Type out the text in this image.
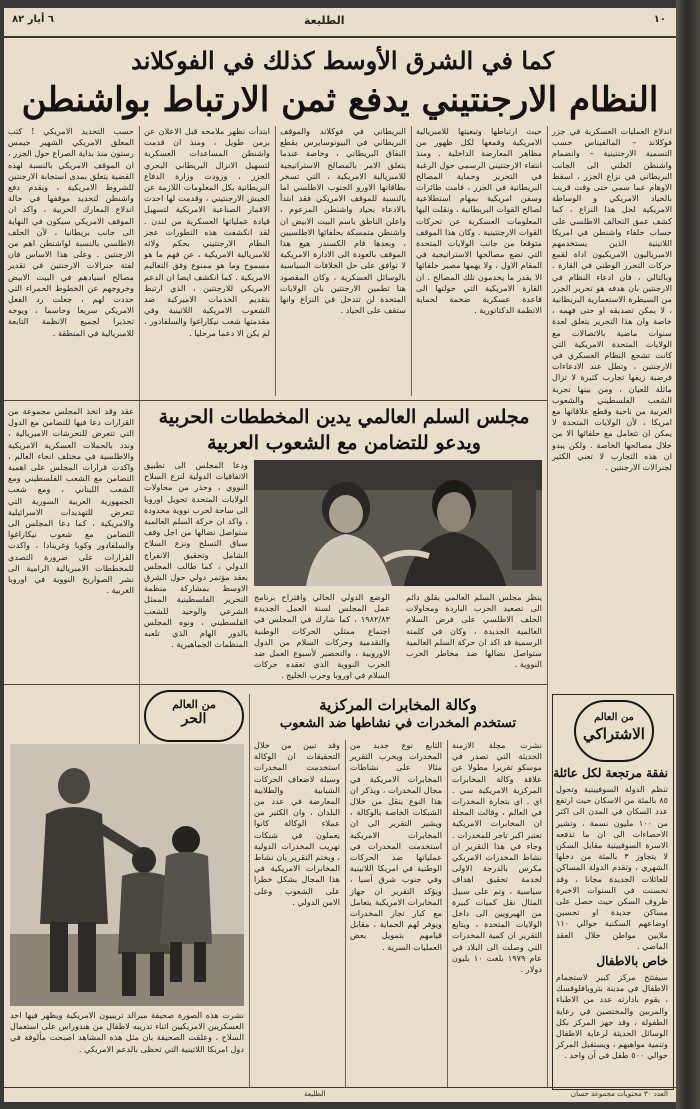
٦ أيار ٨٢	الطليعة	١٠
كما في الشرق الأوسط كذلك في الفوكلاند
النظام الارجنتيني يدفع ثمن الارتباط بواشنطن
اندلاع العمليات العسكرية في جزر فوكلاند – المالفيناس حسب التسمية الارجنتينية – وانضمام واشنطن العلني الى الجانب البريطاني في نزاع الجزر ، اسقط الاوهام عما سمي حتى وقت قريب بالحياد الامريكي و الوساطة الامريكية لحل هذا النزاع ، كما كشف عمق التحالف الاطلسي على حساب حلفاء واشنطن في امريكا اللاتينية الذين يستخدمهم الامبرياليون الامريكيون اداة لقمع حركات التحرر الوطني في القارة . وبالتالي ، فان ادعاء النظام في الارجنتين بان هدفه هو تحرير الجزر من السيطرة الاستعمارية البريطانية ، لا يمكن تصديقه او حتى فهمه ، خاصة وان هذا التحرير يتعلق لعدة سنوات ماضية بالاتصالات مع الولايات المتحدة الامريكية التي كانت تشجع النظام العسكري في الارجنتين ، وتطل عند الادعاءات فرضية زيفها تجارب كثيرة لا تزال ماثلة للعيان ، ومن بينها تجربة الشعب الفلسطيني والشعوب العربية من ناحية وقطع علاقاتها مع امريكا ، لأن الولايات المتحدة لا يمكن ان تتعامل مع حلفائها الا من خلال مصالحها الخاصة . ولكن يبدو ان هذه التجارب لا تعني الكثير لجنرالات الارجنتين .
حيث ارتباطها وتبعيتها للامبريالية الامريكية وقمعها لكل ظهور من مظاهر المعارضة الداخلية . ومنذ انتفاء الارجنتيني الرسمي حول الرغبة في التحرير وحماية المصالح البريطانية في الجزر ، قامت طائرات وسفن امريكية بمهام استطلاعية لصالح القوات البريطانية ، ونقلت اليها المعلومات العسكرية عن تحركات القوات الارجنتينية . وكان هذا الموقف متوقعا من جانب الولايات المتحدة التي تضع مصالحها الاستراتيجية في المقام الاول ، ولا يهمها مصير حلفائها الا بقدر ما يخدمون تلك المصالح . ان القارة الامريكية التي حولتها الى قاعدة عسكرية ضخمة لحماية الانظمة الدكتاتورية .
البريطاني في فوكلاند والموقف البريطاني في البيونوسايرس يقطع النفاق البريطاني ، وخاصة عندما يتعلق الامر بالمصالح الاستراتيجية للامبريالية الامريكية ، التي تسخر بطاقاتها الاورو الجنوب الاطلسي اما بالنسبة للموقف الامريكي فقد ابتدأ بالادعاء بحياد واشنطن المزعوم ، واعلن الناطق باسم البيت الابيض ان واشنطن متمسكة بحلفائها الاطلسيين ، وبعدها قام الكسندر هيغ هذا الموقف بالعودة الى الادارة الامريكية لا توافق على حل الخلافات السياسية بالوسائل العسكرية ، وكان المقصود هنا تطمين الارجنتين بان الولايات المتحدة لن تتدخل في النزاع وانها ستقف على الحياد .
ابتدأت تظهر ملامحه قبل الاعلان عن بزمن طويل ، ومنذ ان قدمت واشنطن المساعدات العسكرية لتسهيل الانزال البريطاني البحري الجزر ، وزودت وزارة الدفاع البريطانية بكل المعلومات اللازمة عن الجيش الارجنتيني ، وقدمت لها احدث الاقمار الصناعية الامريكية لتسهيل قيادة عملياتها العسكرية من لندن . لقد انكشفت هذه التطورات عجز النظام الارجنتيني بحكم ولائه للامبريالية الامريكية ، عن فهم ما هو مسموح وما هو ممنوع وفق التعاليم الامريكية . كما انكشف ايضا ان الدعم الامريكي للارجنتين ، الذي ارتبط بتقديم الخدمات الاميركية ضد الشعوب الامريكية اللاتينية وفي مقدمتها شعب نيكاراغوا والسلفادور ، لم يكن الا دعما مرحليا .
حسب التحديد الامريكي ! كتب المعلق الامريكي الشهير جيمس رستون منذ بداية الصراع حول الجزر ، ان الموقف الامريكي بالنسبة لهذه القضية يتعلق بمدى استجابة الارجنتين للشروط الامريكية ، ويقدم دفع واشنطن لتحديد موقفها في حالة اندلاع المعارك الحربية ، واكد ان الموقف الامريكي سيكون في النهاية الى جانب بريطانيا ، لأن الحلف الاطلسي بالنسبة لواشنطن اهم من الارجنتين . وعلى هذا الاساس فان لفتة جنرالات الارجنتين في تقدير مصالح اسيادهم في البيت الابيض وخروجهم عن الخطوط الحمراء التي حددت لهم ، جعلت رد الفعل الامريكي سريعا وحاسما ، ويوجه تحذيرا لجميع الانظمة التابعة للامبريالية في المنطقة .
مجلس السلم العالمي يدين المخططات الحربية
ويدعو للتضامن مع الشعوب العربية
عقد وقد اتخذ المجلس مجموعة من القرارات دعا فيها للتضامن مع الدول التي تتعرض للتحرشات الامبريالية ، وندد بالحملات العسكرية الامريكية والاطلسية في مختلف انحاء العالم ، واكدت قرارات المجلس على اهمية التضامن مع الشعب الفلسطيني ومع الشعب اللبناني ، ومع شعب الجمهورية العربية السورية التي تتعرض للتهديدات الاسرائيلية والامريكية ، كما دعا المجلس الى التضامن مع شعوب نيكاراغوا والسلفادور وكوبا وغرينادا ، واكدت القرارات على ضرورة التصدي للمخططات الامبريالية الرامية الى نشر الصواريخ النووية في اوروبا الغربية .
ودعا المجلس الى تطبيق الاتفاقيات الدولية لنزع السلاح النووي ، وحذر من محاولات الولايات المتحدة تحويل اوروبا الى ساحة لحرب نووية محدودة ، واكد ان حركة السلم العالمية ستواصل نضالها من اجل وقف سباق التسلح ونزع السلاح الشامل وتحقيق الانفراج الدولي ، كما طالب المجلس بعقد مؤتمر دولي حول الشرق الاوسط بمشاركة منظمة التحرير الفلسطينية الممثل الشرعي والوحيد للشعب الفلسطيني ، ونوه المجلس بالدور الهام الذي تلعبه المنظمات الجماهيرية .
الوضع الدولي الحالي واقتراح برنامج عمل المجلس لسنة العمل الجديدة ١٩٨٢/٨٣ ، كما شارك في المجلس في اجتماع ممثلي الحركات الوطنية والتقدمية وحركات السلام من الدول الاوروبية ، والتحضير لأسبوع العمل ضد الحرب النووية الذي تعقده حركات السلام في اوروبا وحرب الخليج .
ينظر مجلس السلم العالمي بقلق دائم الى تصعيد الحرب الباردة ومحاولات الحلف الاطلسي على فرض السلام العالمية الجديدة ، وكان في كلمته الرسمية قد اكد ان حركة السلم العالمية ستواصل نضالها ضد مخاطر الحرب النووية .
من العالم
الاشتراكي
نفقة مرتجعة لكل عائلة
تنظم الدولة السوفييتية وتحول ٨٥ بالمئة من الاسكان حيث ارتفع عدد السكان في المدن الى اكثر من ١٠٠ مليون نسمة ، وتشير الاحصاءات الى ان ما تدفعه الاسرة السوفييتية مقابل السكن لا يتجاوز ٣ بالمئة من دخلها الشهري ، وتقدم الدولة المساكن للعائلات الجديدة مجانا ، وقد تحسنت في السنوات الاخيرة ظروف السكن حيث حصل على مساكن جديدة او تحسين اوضاعهم السكنية حوالي ١١٠ ملايين مواطن خلال العقد الماضي .
خاص بالاطفال
سيفتتح مركز كبير لاستجمام الاطفال في مدينة بتروبافلوفسك ، يقوم بادارته عدد من الاطباء والمربين والمختصين في رعاية الطفولة ، وقد جهز المركز بكل الوسائل الحديثة لرعاية الاطفال وتنمية مواهبهم ، ويستقبل المركز حوالي ٥٠٠ طفل في آن واحد .
وكالة المخابرات المركزية
تستخدم المخدرات في نشاطها ضد الشعوب
نشرت مجلة الازمنة الحديثة التي تصدر في موسكو تقريرا مطولا عن علاقة وكالة المخابرات المركزية الامريكية سي . اي . اي بتجارة المخدرات في العالم ، وقالت المجلة ان المخابرات الامريكية تعتبر اكبر تاجر للمخدرات . وجاء في هذا التقرير ان نشاط المخدرات الامريكي مكرس بالدرجة الاولى لخدمة تحقيق اهداف سياسية ، وتم على سبيل المثال نقل كميات كبيرة من الهيرويين الى داخل الولايات المتحدة ، ويتابع التقرير ان كمية المخدرات التي وصلت الى البلاد في عام ١٩٧٩ بلغت ١٠ بليون دولار .
التابع نوع جديد من المخدرات ويحرب التقرير مثالا على نشاطات المخابرات الامريكية في مجال المخدرات ، ويذكر ان هذا النوع ينقل من خلال الشبكات الخاصة بالوكالة ، ويشير التقرير الى ان المخابرات الامريكية استخدمت المخدرات في عملياتها ضد الحركات الوطنية في امريكا اللاتينية وفي جنوب شرق آسيا ، ويؤكد التقرير ان جهاز المخابرات الامريكية يتعامل مع كبار تجار المخدرات ويوفر لهم الحماية ، مقابل قيامهم بتمويل بعض العمليات السرية .
وقد تبين من خلال التحقيقات ان الوكالة استخدمت المخدرات وسيلة لاضعاف الحركات الشبابية والطلابية المعارضة في عدد من البلدان ، وان الكثير من عملاء الوكالة كانوا يعملون في شبكات تهريب المخدرات الدولية ، ويختم التقرير بان نشاط المخابرات الامريكية في هذا المجال يشكل خطرا على الشعوب وعلى الامن الدولي .
من العالم
الحر
نشرت هذه الصورة صحيفة ميرالد تريبيون الامريكية ويظهر فيها احد العسكريين الامريكيين اثناء تدريبه لاطفال من هندوراس على استعمال السلاح ، وعلقت الصحيفة بان مثل هذه المشاهد اصبحت مألوفة في دول امريكا اللاتينية التي تحظى بالدعم الامريكي .
الطليعة	العدد ٣٠ محتويات مجموعة حسان
